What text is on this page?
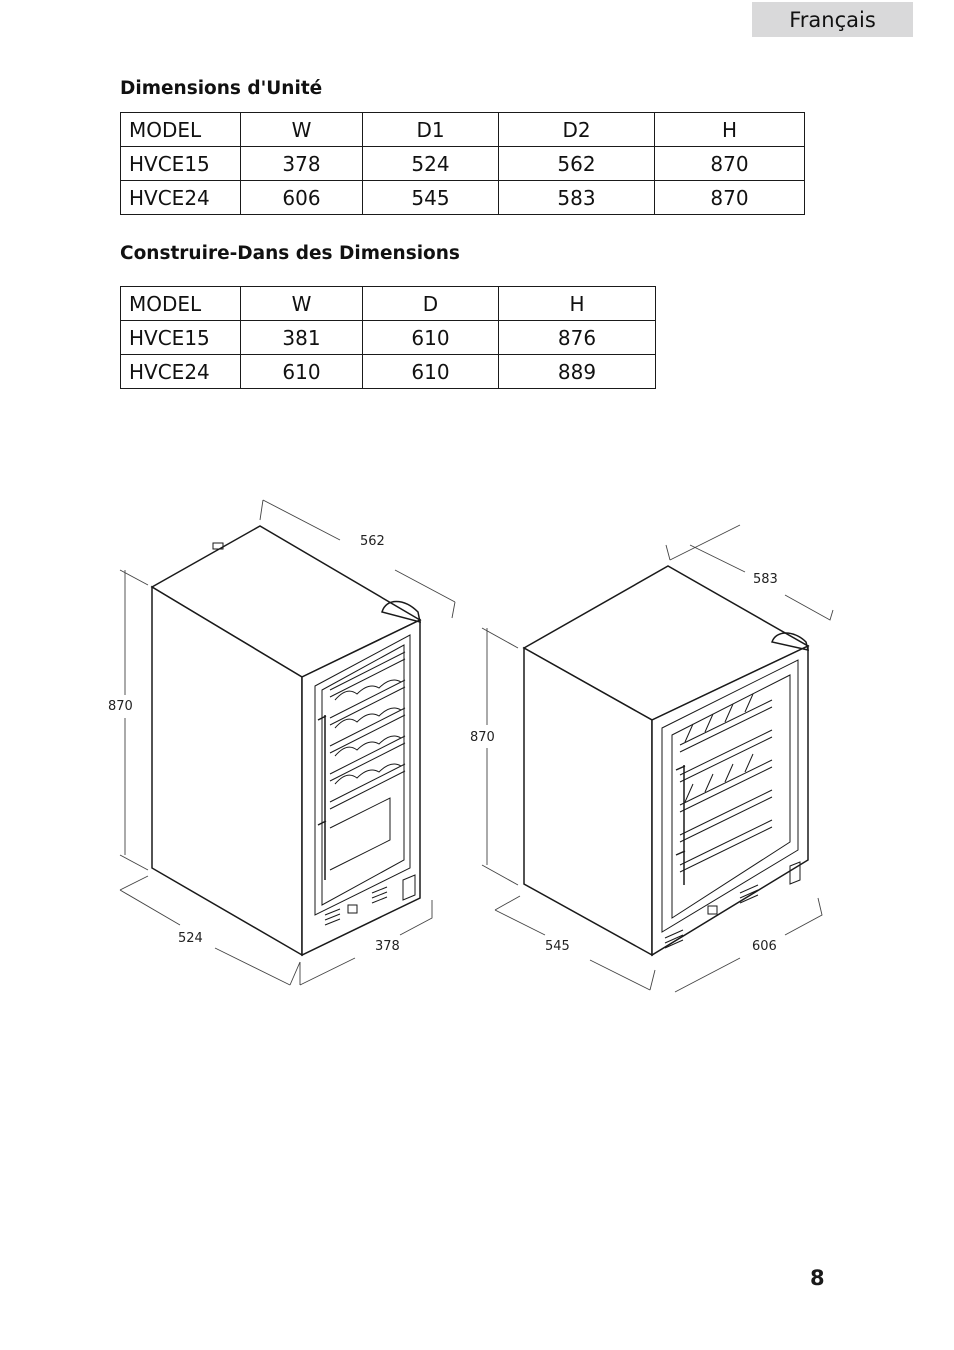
Français
Dimensions d'Unité
MODEL	W	D1	D2	H
HVCE15	378	524	562	870
HVCE24	606	545	583	870
Construire-Dans des Dimensions
MODEL	W	D	H
HVCE15	381	610	876
HVCE24	610	610	889
562
870
524
378
583
870
545	606
8
